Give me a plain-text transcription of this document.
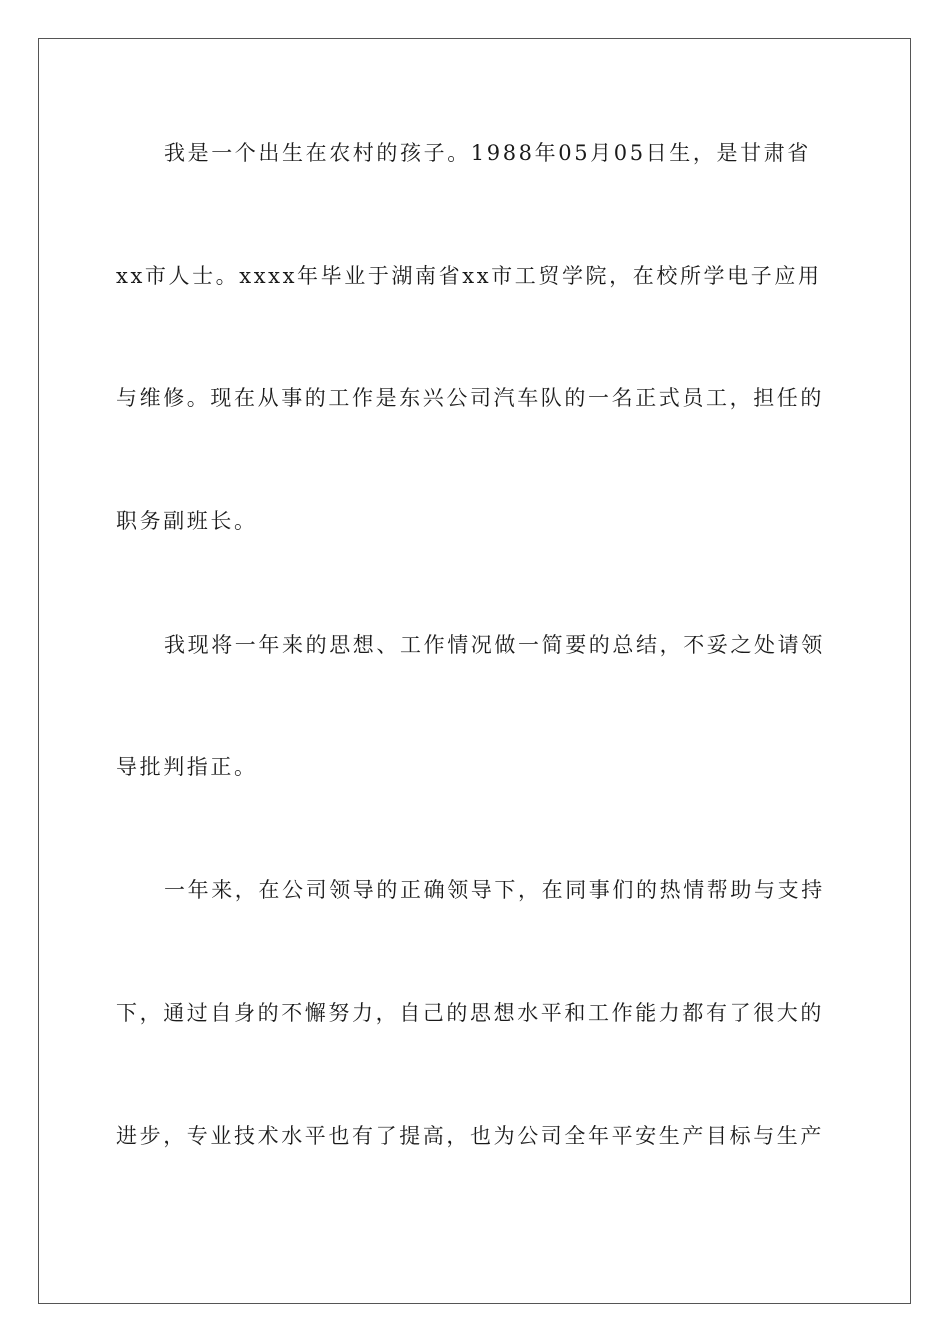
我是一个出生在农村的孩子。1988年05月05日生，是甘肃省
xx市人士。xxxx年毕业于湖南省xx市工贸学院，在校所学电子应用
与维修。现在从事的工作是东兴公司汽车队的一名正式员工，担任的
职务副班长。
我现将一年来的思想、工作情况做一简要的总结，不妥之处请领
导批判指正。
一年来，在公司领导的正确领导下，在同事们的热情帮助与支持
下，通过自身的不懈努力，自己的思想水平和工作能力都有了很大的
进步，专业技术水平也有了提高，也为公司全年平安生产目标与生产
